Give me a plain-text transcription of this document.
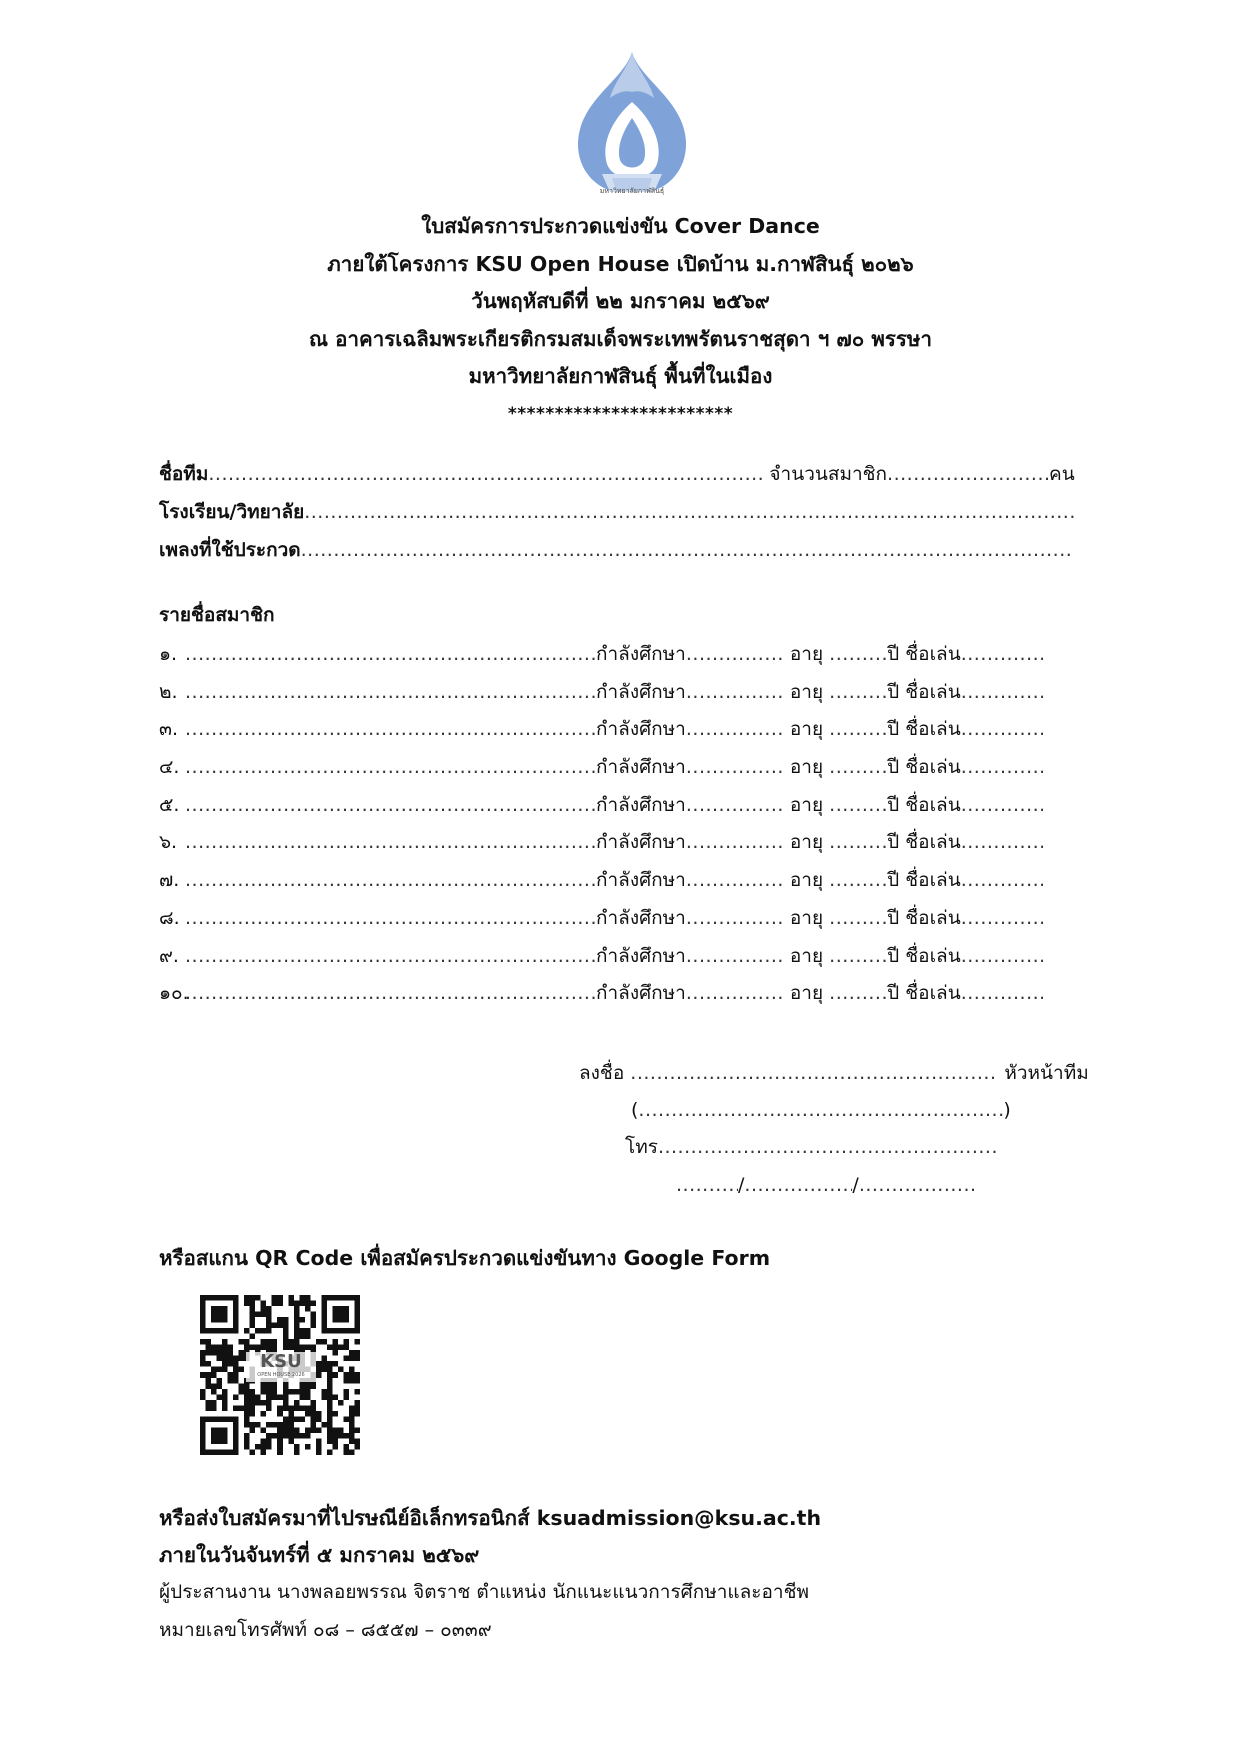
มหาวิทยาลัยกาฬสินธุ์
ใบสมัครการประกวดแข่งขัน Cover Dance
ภายใต้โครงการ KSU Open House เปิดบ้าน ม.กาฬสินธุ์ ๒๐๒๖
วันพฤหัสบดีที่ ๒๒ มกราคม ๒๕๖๙
ณ อาคารเฉลิมพระเกียรติกรมสมเด็จพระเทพรัตนราชสุดา ฯ ๗๐ พรรษา
มหาวิทยาลัยกาฬสินธุ์ พื้นที่ในเมือง
************************
ชื่อทีม .....	จำนวนสมาชิก .....	คน
โรงเรียน/วิทยาลัย.....
เพลงที่ใช้ประกวด.....
รายชื่อสมาชิก
๑. .....	กำลังศึกษา .....	อายุ .....	ปี ชื่อเล่น
.....
๒. .....	กำลังศึกษา .....	อายุ .....	ปี ชื่อเล่น
.....
๓. .....	กำลังศึกษา .....	อายุ .....	ปี ชื่อเล่น
.....
๔. .....	กำลังศึกษา .....	อายุ .....	ปี ชื่อเล่น
.....
๕. .....	กำลังศึกษา .....	อายุ .....	ปี ชื่อเล่น
.....
๖. .....	กำลังศึกษา .....	อายุ .....	ปี ชื่อเล่น
.....
๗. .....	กำลังศึกษา .....	อายุ .....	ปี ชื่อเล่น
.....
๘. .....	กำลังศึกษา .....	อายุ .....	ปี ชื่อเล่น
.....
๙. .....	กำลังศึกษา .....	อายุ .....	ปี ชื่อเล่น
.....
๑๐. .....	กำลังศึกษา .....	อายุ .....	ปี ชื่อเล่น
.....
ลงชื่อ .....	หัวหน้าทีม
( .....	)
โทร.....
...../ .....	/.....
หรือสแกน QR Code เพื่อสมัครประกวดแข่งขันทาง Google Form
KSU
OPEN HOUSE 2026
หรือส่งใบสมัครมาที่ไปรษณีย์อิเล็กทรอนิกส์ ksuadmission@ksu.ac.th
ภายในวันจันทร์ที่ ๕ มกราคม ๒๕๖๙
ผู้ประสานงาน นางพลอยพรรณ จิตราช ตำแหน่ง นักแนะแนวการศึกษาและอาชีพ
หมายเลขโทรศัพท์ ๐๘ – ๘๕๕๗ – ๐๓๓๙
